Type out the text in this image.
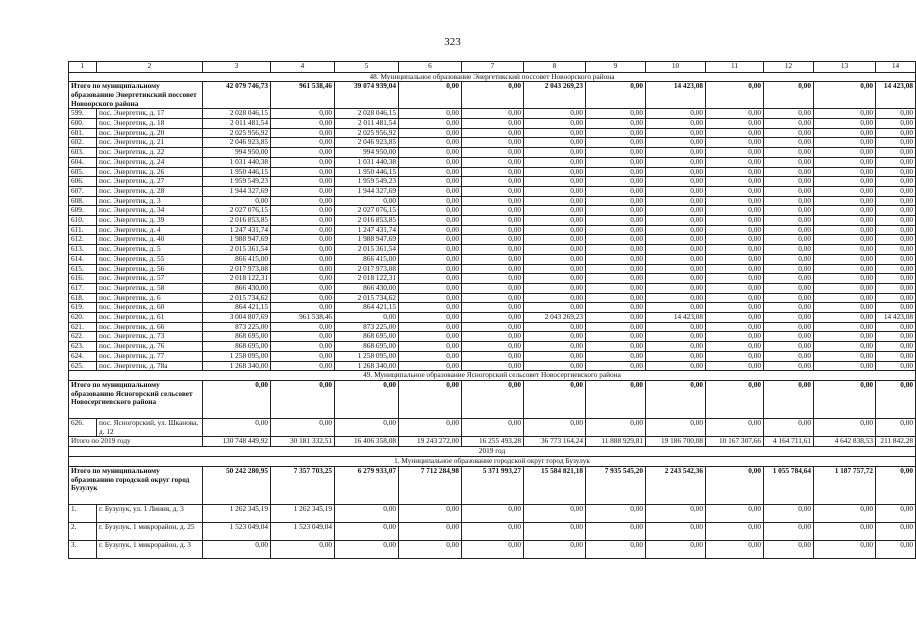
323
1	2	3	4	5	6	7	8	9	10	11	12	13	14
48. Муниципальное образование Энергетикский поссовет Новоорского района													
Итого по муниципальному образованию Энергетикский поссовет Новоорского района		42 079 746,73	961 538,46	39 074 939,04	0,00	0,00	2 043 269,23	0,00	14 423,08	0,00	0,00	0,00	14 423,08
599.	пос. Энергетик, д. 17	2 028 046,15	0,00	2 028 046,15	0,00	0,00	0,00	0,00	0,00	0,00	0,00	0,00	0,00
600.	пос. Энергетик, д. 18	2 011 481,54	0,00	2 011 481,54	0,00	0,00	0,00	0,00	0,00	0,00	0,00	0,00	0,00
601.	пос. Энергетик, д. 20	2 025 956,92	0,00	2 025 956,92	0,00	0,00	0,00	0,00	0,00	0,00	0,00	0,00	0,00
602.	пос. Энергетик, д. 21	2 046 923,85	0,00	2 046 923,85	0,00	0,00	0,00	0,00	0,00	0,00	0,00	0,00	0,00
603.	пос. Энергетик, д. 22	994 950,00	0,00	994 950,00	0,00	0,00	0,00	0,00	0,00	0,00	0,00	0,00	0,00
604.	пос. Энергетик, д. 24	1 031 440,38	0,00	1 031 440,38	0,00	0,00	0,00	0,00	0,00	0,00	0,00	0,00	0,00
605.	пос. Энергетик, д. 26	1 950 446,15	0,00	1 950 446,15	0,00	0,00	0,00	0,00	0,00	0,00	0,00	0,00	0,00
606.	пос. Энергетик, д. 27	1 959 549,23	0,00	1 959 549,23	0,00	0,00	0,00	0,00	0,00	0,00	0,00	0,00	0,00
607.	пос. Энергетик, д. 28	1 944 327,69	0,00	1 944 327,69	0,00	0,00	0,00	0,00	0,00	0,00	0,00	0,00	0,00
608.	пос. Энергетик, д. 3	0,00	0,00	0,00	0,00	0,00	0,00	0,00	0,00	0,00	0,00	0,00	0,00
609.	пос. Энергетик, д. 34	2 027 076,15	0,00	2 027 076,15	0,00	0,00	0,00	0,00	0,00	0,00	0,00	0,00	0,00
610.	пос. Энергетик, д. 39	2 016 853,85	0,00	2 016 853,85	0,00	0,00	0,00	0,00	0,00	0,00	0,00	0,00	0,00
611.	пос. Энергетик, д. 4	1 247 431,74	0,00	1 247 431,74	0,00	0,00	0,00	0,00	0,00	0,00	0,00	0,00	0,00
612.	пос. Энергетик, д. 40	1 988 947,69	0,00	1 988 947,69	0,00	0,00	0,00	0,00	0,00	0,00	0,00	0,00	0,00
613.	пос. Энергетик, д. 5	2 015 361,54	0,00	2 015 361,54	0,00	0,00	0,00	0,00	0,00	0,00	0,00	0,00	0,00
614.	пос. Энергетик, д. 55	866 415,00	0,00	866 415,00	0,00	0,00	0,00	0,00	0,00	0,00	0,00	0,00	0,00
615.	пос. Энергетик, д. 56	2 017 973,08	0,00	2 017 973,08	0,00	0,00	0,00	0,00	0,00	0,00	0,00	0,00	0,00
616.	пос. Энергетик, д. 57	2 018 122,31	0,00	2 018 122,31	0,00	0,00	0,00	0,00	0,00	0,00	0,00	0,00	0,00
617.	пос. Энергетик, д. 58	866 430,00	0,00	866 430,00	0,00	0,00	0,00	0,00	0,00	0,00	0,00	0,00	0,00
618.	пос. Энергетик, д. 6	2 015 734,62	0,00	2 015 734,62	0,00	0,00	0,00	0,00	0,00	0,00	0,00	0,00	0,00
619.	пос. Энергетик, д. 60	864 421,15	0,00	864 421,15	0,00	0,00	0,00	0,00	0,00	0,00	0,00	0,00	0,00
620.	пос. Энергетик, д. 61	3 004 807,69	961 538,46	0,00	0,00	0,00	2 043 269,23	0,00	14 423,08	0,00	0,00	0,00	14 423,08
621.	пос. Энергетик, д. 66	873 225,00	0,00	873 225,00	0,00	0,00	0,00	0,00	0,00	0,00	0,00	0,00	0,00
622.	пос. Энергетик, д. 73	868 695,00	0,00	868 695,00	0,00	0,00	0,00	0,00	0,00	0,00	0,00	0,00	0,00
623.	пос. Энергетик, д. 76	868 695,00	0,00	868 695,00	0,00	0,00	0,00	0,00	0,00	0,00	0,00	0,00	0,00
624.	пос. Энергетик, д. 77	1 258 095,00	0,00	1 258 095,00	0,00	0,00	0,00	0,00	0,00	0,00	0,00	0,00	0,00
625.	пос. Энергетик, д. 78а	1 268 340,00	0,00	1 268 340,00	0,00	0,00	0,00	0,00	0,00	0,00	0,00	0,00	0,00
49. Муниципальное образование Ясногорский сельсовет Новосергиевского района													
Итого по муниципальному образованию Ясногорский сельсовет Новосергиевского района		0,00	0,00	0,00	0,00	0,00	0,00	0,00	0,00	0,00	0,00	0,00	0,00
626.	пос. Ясногорский, ул. Шканова, д. 12	0,00	0,00	0,00	0,00	0,00	0,00	0,00	0,00	0,00	0,00	0,00	0,00
Итого по 2019 году		130 748 449,92	30 181 332,51	16 406 358,08	19 243 272,00	16 255 493,28	36 773 164,24	11 888 929,81	19 186 700,08	10 167 307,66	4 164 711,61	4 642 838,53	211 842,28
2019 год													
1. Муниципальное образование городской округ город Бузулук													
Итого по муниципальному образованию городской округ город Бузулук		50 242 280,95	7 357 703,25	6 279 933,07	7 712 284,98	5 371 993,27	15 584 821,18	7 935 545,20	2 243 542,36	0,00	1 055 784,64	1 187 757,72	0,00
1.	г. Бузулук, ул. 1 Линия, д. 3	1 262 345,19	1 262 345,19	0,00	0,00	0,00	0,00	0,00	0,00	0,00	0,00	0,00	0,00
2.	г. Бузулук, 1 микрорайон, д. 25	1 523 049,04	1 523 049,04	0,00	0,00	0,00	0,00	0,00	0,00	0,00	0,00	0,00	0,00
3.	г. Бузулук, 1 микрорайон, д. 3	0,00	0,00	0,00	0,00	0,00	0,00	0,00	0,00	0,00	0,00	0,00	0,00
